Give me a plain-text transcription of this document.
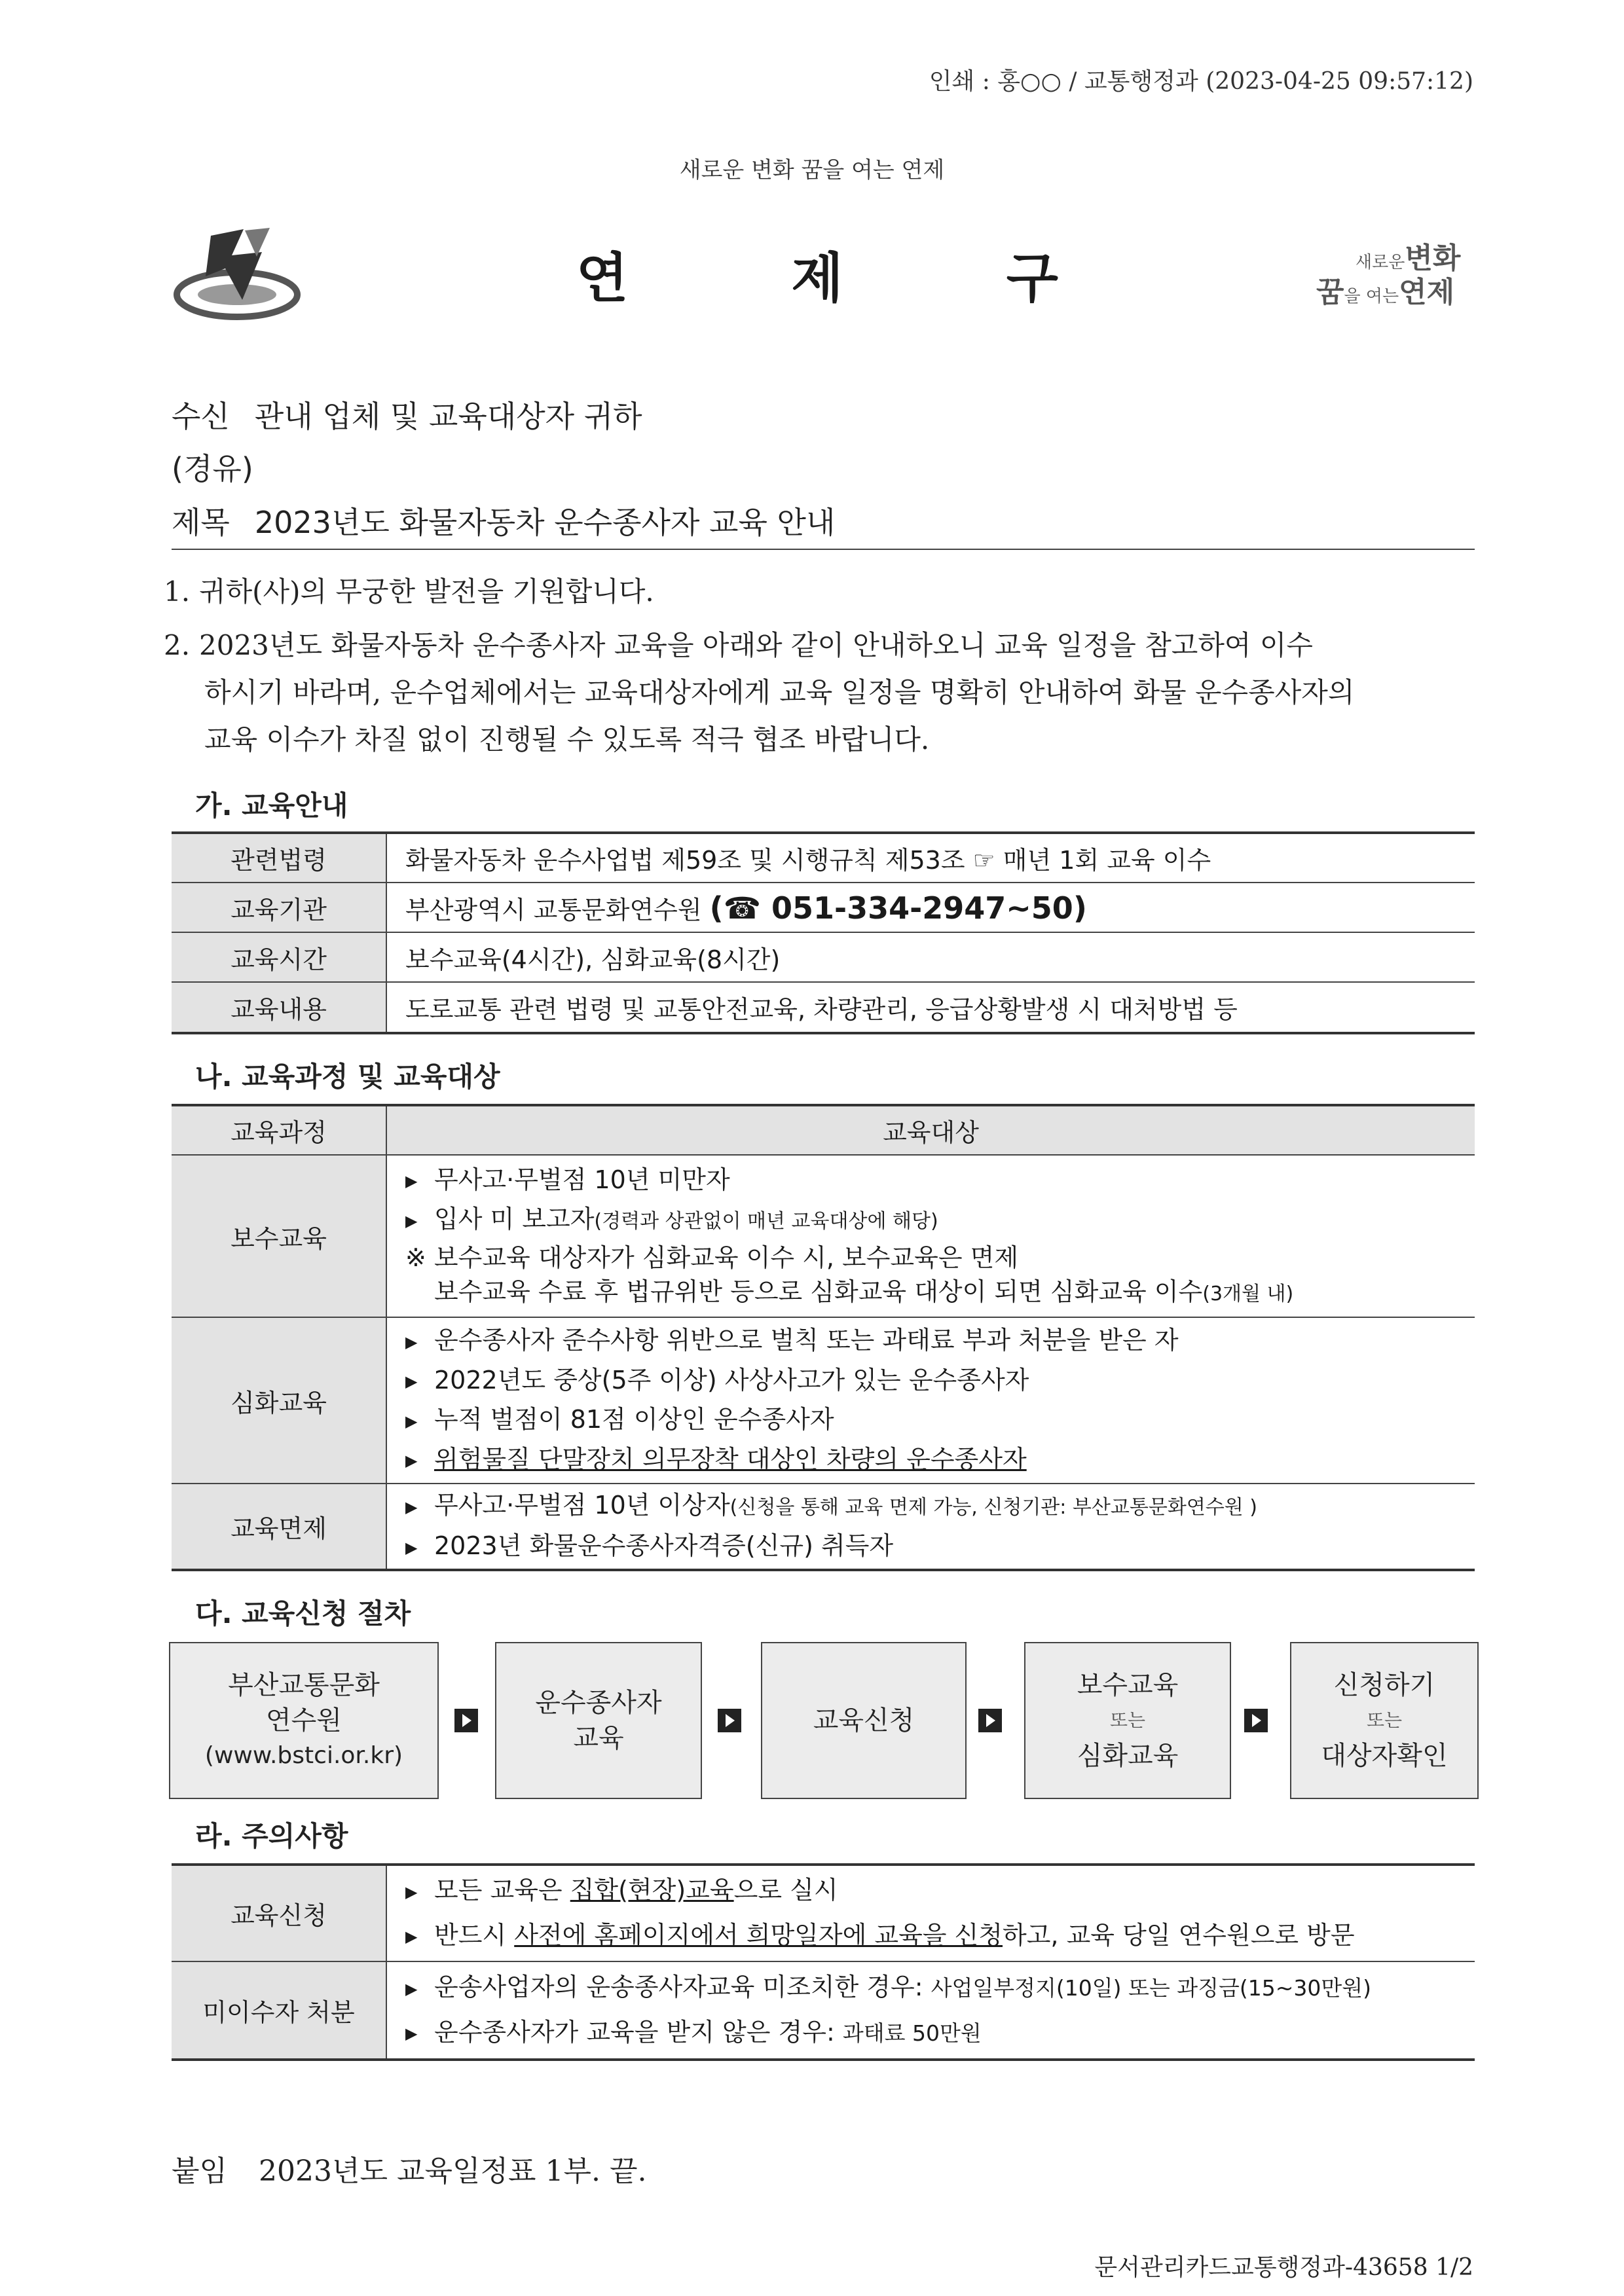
인쇄 : 홍○○ / 교통행정과 (2023-04-25 09:57:12)
새로운 변화 꿈을 여는 연제
연	제	구	새로운변화
꿈을 여는연제
수신 관내 업체 및 교육대상자 귀하
(경유)
제목 2023년도 화물자동차 운수종사자 교육 안내
1. 귀하(사)의 무궁한 발전을 기원합니다.
2. 2023년도 화물자동차 운수종사자 교육을 아래와 같이 안내하오니 교육 일정을 참고하여 이수
하시기 바라며, 운수업체에서는 교육대상자에게 교육 일정을 명확히 안내하여 화물 운수종사자의
교육 이수가 차질 없이 진행될 수 있도록 적극 협조 바랍니다.
가. 교육안내
관련법령	화물자동차 운수사업법 제59조 및 시행규칙 제53조 ☞ 매년 1회 교육 이수
교육기관	부산광역시 교통문화연수원 (☎ 051-334-2947~50)
교육시간	보수교육(4시간), 심화교육(8시간)
교육내용	도로교통 관련 법령 및 교통안전교육, 차량관리, 응급상황발생 시 대처방법 등
나. 교육과정 및 교육대상
교육과정	교육대상
보수교육	▶ 무사고·무벌점 10년 미만자
▶ 입사 미 보고자(경력과 상관없이 매년 교육대상에 해당)
※ 보수교육 대상자가 심화교육 이수 시, 보수교육은 면제
보수교육 수료 후 법규위반 등으로 심화교육 대상이 되면 심화교육 이수(3개월 내)

심화교육	▶ 운수종사자 준수사항 위반으로 벌칙 또는 과태료 부과 처분을 받은 자
▶ 2022년도 중상(5주 이상) 사상사고가 있는 운수종사자
▶ 누적 벌점이 81점 이상인 운수종사자
▶ 위험물질 단말장치 의무장착 대상인 차량의 운수종사자

교육면제	▶ 무사고·무벌점 10년 이상자(신청을 통해 교육 면제 가능, 신청기관: 부산교통문화연수원 )
▶ 2023년 화물운수종사자격증(신규) 취득자
다. 교육신청 절차
부산교통문화
연수원
(www.bstci.or.kr)
운수종사자
교육
교육신청
보수교육
또는
심화교육
신청하기
또는
대상자확인
라. 주의사항
교육신청	▶ 모든 교육은 집합(현장)교육으로 실시
▶ 반드시 사전에 홈페이지에서 희망일자에 교육을 신청하고, 교육 당일 연수원으로 방문

미이수자 처분	▶ 운송사업자의 운송종사자교육 미조치한 경우: 사업일부정지(10일) 또는 과징금(15~30만원)
▶ 운수종사자가 교육을 받지 않은 경우: 과태료 50만원
붙임 2023년도 교육일정표 1부. 끝.
문서관리카드교통행정과-43658 1/2
